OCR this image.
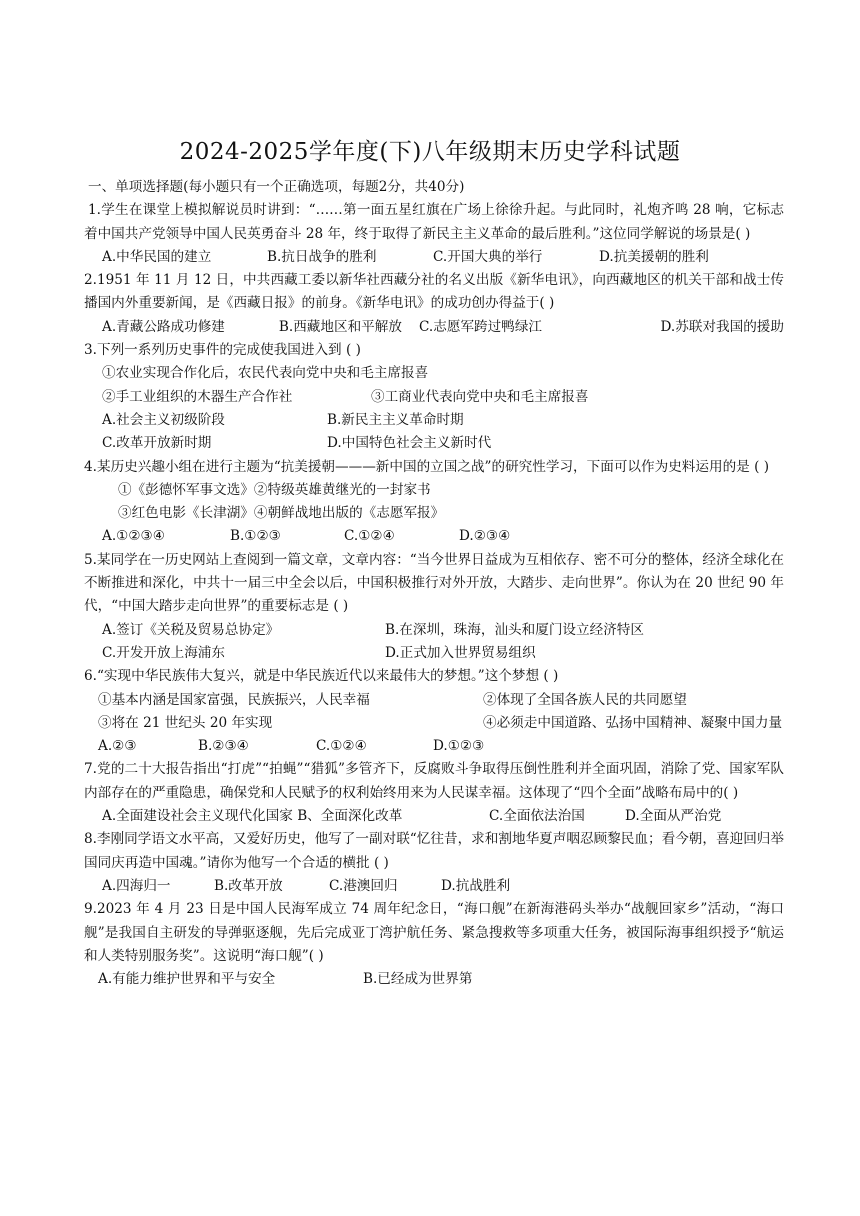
2024-2025学年度(下)八年级期末历史学科试题
一、单项选择题(每小题只有一个正确选项，每题2分，共40分)
1.学生在课堂上模拟解说员时讲到：“……第一面五星红旗在广场上徐徐升起。与此同时，礼炮齐鸣 28 响，它标志着中国共产党领导中国人民英勇奋斗 28 年，终于取得了新民主主义革命的最后胜利。”这位同学解说的场景是( )
A.中华民国的建立	B.抗日战争的胜利	C.开国大典的举行	D.抗美援朝的胜利
2.1951 年 11 月 12 日，中共西藏工委以新华社西藏分社的名义出版《新华电讯》，向西藏地区的机关干部和战士传播国内外重要新闻，是《西藏日报》的前身。《新华电讯》的成功创办得益于( )
A.青藏公路成功修建	B.西藏地区和平解放	C.志愿军跨过鸭绿江	D.苏联对我国的援助
3.下列一系列历史事件的完成使我国进入到 ( )
①农业实现合作化后，农民代表向党中央和毛主席报喜
②手工业组织的木器生产合作社	③工商业代表向党中央和毛主席报喜
A.社会主义初级阶段	B.新民主主义革命时期
C.改革开放新时期	D.中国特色社会主义新时代
4.某历史兴趣小组在进行主题为“抗美援朝———新中国的立国之战”的研究性学习，下面可以作为史料运用的是 ( )
①《彭德怀军事文选》②特级英雄黄继光的一封家书
③红色电影《长津湖》④朝鲜战地出版的《志愿军报》
A.①②③④	B.①②③	C.①②④	D.②③④
5.某同学在一历史网站上查阅到一篇文章，文章内容：“当今世界日益成为互相依存、密不可分的整体，经济全球化在不断推进和深化，中共十一届三中全会以后，中国积极推行对外开放，大踏步、走向世界”。你认为在 20 世纪 90 年代，“中国大踏步走向世界”的重要标志是 ( )
A.签订《关税及贸易总协定》	B.在深圳，珠海，汕头和厦门设立经济特区
C.开发开放上海浦东	D.正式加入世界贸易组织
6.“实现中华民族伟大复兴，就是中华民族近代以来最伟大的梦想。”这个梦想 ( )
①基本内涵是国家富强，民族振兴，人民幸福	②体现了全国各族人民的共同愿望
③将在 21 世纪头 20 年实现	④必须走中国道路、弘扬中国精神、凝聚中国力量
A.②③	B.②③④	C.①②④	D.①②③
7.党的二十大报告指出“打虎”“拍蝇”“猎狐”多管齐下，反腐败斗争取得压倒性胜利并全面巩固，消除了党、国家军队内部存在的严重隐患，确保党和人民赋予的权利始终用来为人民谋幸福。这体现了“四个全面”战略布局中的( )
A.全面建设社会主义现代化国家 B、全面深化改革	C.全面依法治国	D.全面从严治党
8.李刚同学语文水平高，又爱好历史，他写了一副对联“忆往昔，求和割地华夏声咽忍顾黎民血；看今朝，喜迎回归举国同庆再造中国魂。”请你为他写一个合适的横批 ( )
A.四海归一	B.改革开放	C.港澳回归	D.抗战胜利
9.2023 年 4 月 23 日是中国人民海军成立 74 周年纪念日，“海口舰”在新海港码头举办“战舰回家乡”活动，“海口舰”是我国自主研发的导弹驱逐舰，先后完成亚丁湾护航任务、紧急搜救等多项重大任务，被国际海事组织授予“航运和人类特别服务奖”。这说明“海口舰”( )
A.有能力维护世界和平与安全	B.已经成为世界第
